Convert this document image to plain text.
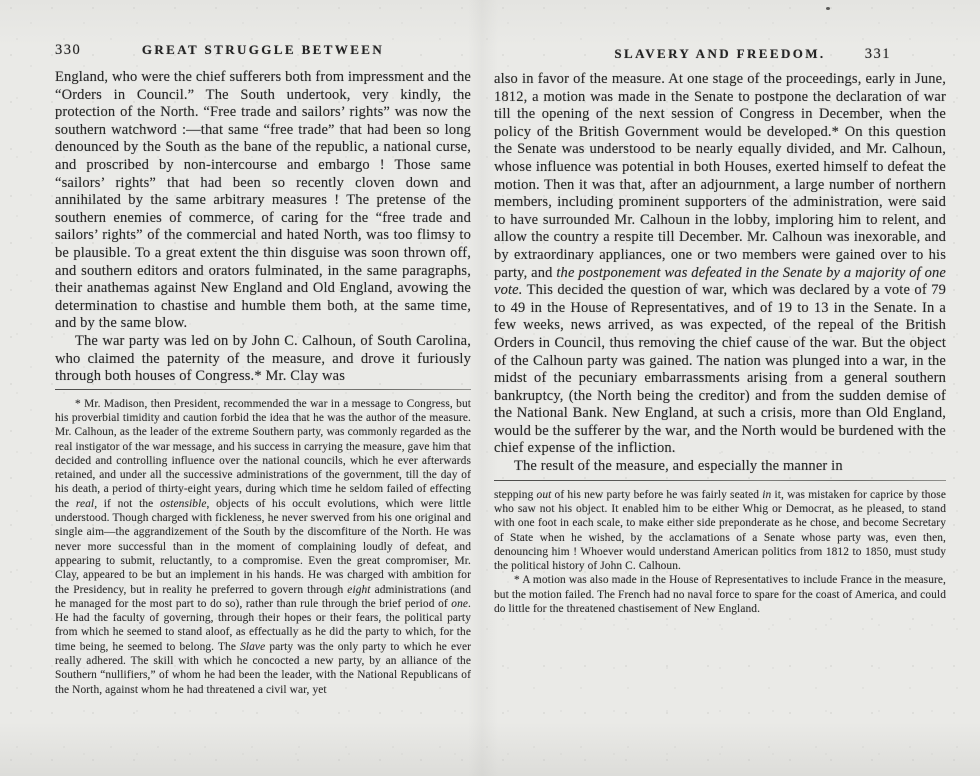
330	GREAT STRUGGLE BETWEEN

England, who were the chief sufferers both from impressment and the “Orders in Council.” The South undertook, very kindly, the protection of the North. “Free trade and sailors’ rights” was now the southern watchword :—that same “free trade” that had been so long denounced by the South as the bane of the republic, a national curse, and proscribed by non-intercourse and embargo ! Those same “sailors’ rights” that had been so recently cloven down and annihilated by the same arbitrary measures ! The pretense of the southern enemies of commerce, of caring for the “free trade and sailors’ rights” of the commercial and hated North, was too flimsy to be plausible. To a great extent the thin disguise was soon thrown off, and southern editors and orators fulminated, in the same paragraphs, their anathemas against New England and Old England, avowing the determination to chastise and humble them both, at the same time, and by the same blow.

The war party was led on by John C. Calhoun, of South Carolina, who claimed the paternity of the measure, and drove it furiously through both houses of Congress.* Mr. Clay was

* Mr. Madison, then President, recommended the war in a message to Congress, but his proverbial timidity and caution forbid the idea that he was the author of the measure. Mr. Calhoun, as the leader of the extreme Southern party, was commonly regarded as the real instigator of the war message, and his success in carrying the measure, gave him that decided and controlling influence over the national councils, which he ever afterwards retained, and under all the successive administrations of the government, till the day of his death, a period of thirty-eight years, during which time he seldom failed of effecting the real, if not the ostensible, objects of his occult evolutions, which were little understood. Though charged with fickleness, he never swerved from his one original and single aim—the aggrandizement of the South by the discomfiture of the North. He was never more successful than in the moment of complaining loudly of defeat, and appearing to submit, reluctantly, to a compromise. Even the great compromiser, Mr. Clay, appeared to be but an implement in his hands. He was charged with ambition for the Presidency, but in reality he preferred to govern through eight administrations (and he managed for the most part to do so), rather than rule through the brief period of one. He had the faculty of governing, through their hopes or their fears, the political party from which he seemed to stand aloof, as effectually as he did the party to which, for the time being, he seemed to belong. The Slave party was the only party to which he ever really adhered. The skill with which he concocted a new party, by an alliance of the Southern “nullifiers,” of whom he had been the leader, with the National Republicans of the North, against whom he had threatened a civil war, yet

SLAVERY AND FREEDOM.	331

also in favor of the measure. At one stage of the proceedings, early in June, 1812, a motion was made in the Senate to postpone the declaration of war till the opening of the next session of Congress in December, when the policy of the British Government would be developed.* On this question the Senate was understood to be nearly equally divided, and Mr. Calhoun, whose influence was potential in both Houses, exerted himself to defeat the motion. Then it was that, after an adjournment, a large number of northern members, including prominent supporters of the administration, were said to have surrounded Mr. Calhoun in the lobby, imploring him to relent, and allow the country a respite till December. Mr. Calhoun was inexorable, and by extraordinary appliances, one or two members were gained over to his party, and the postponement was defeated in the Senate by a majority of one vote. This decided the question of war, which was declared by a vote of 79 to 49 in the House of Representatives, and of 19 to 13 in the Senate. In a few weeks, news arrived, as was expected, of the repeal of the British Orders in Council, thus removing the chief cause of the war. But the object of the Calhoun party was gained. The nation was plunged into a war, in the midst of the pecuniary embarrassments arising from a general southern bankruptcy, (the North being the creditor) and from the sudden demise of the National Bank. New England, at such a crisis, more than Old England, would be the sufferer by the war, and the North would be burdened with the chief expense of the infliction.

The result of the measure, and especially the manner in

stepping out of his new party before he was fairly seated in it, was mistaken for caprice by those who saw not his object. It enabled him to be either Whig or Democrat, as he pleased, to stand with one foot in each scale, to make either side preponderate as he chose, and become Secretary of State when he wished, by the acclamations of a Senate whose party was, even then, denouncing him ! Whoever would understand American politics from 1812 to 1850, must study the political history of John C. Calhoun.

* A motion was also made in the House of Representatives to include France in the measure, but the motion failed. The French had no naval force to spare for the coast of America, and could do little for the threatened chastisement of New England.
